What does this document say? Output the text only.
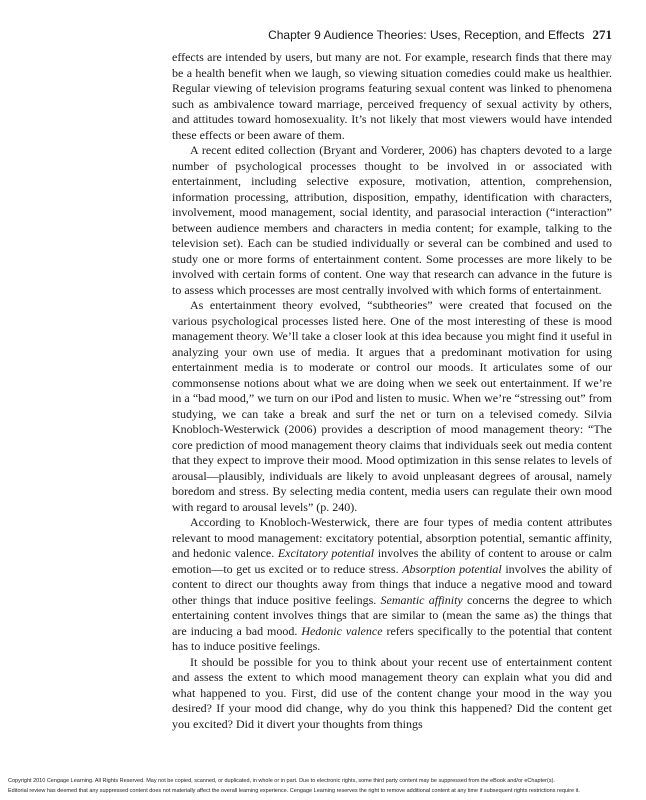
Chapter 9 Audience Theories: Uses, Reception, and Effects 271

effects are intended by users, but many are not. For example, research finds that there may be a health benefit when we laugh, so viewing situation comedies could make us healthier. Regular viewing of television programs featuring sexual content was linked to phenomena such as ambivalence toward marriage, perceived frequency of sexual activity by others, and attitudes toward homosexuality. It’s not likely that most viewers would have intended these effects or been aware of them.

A recent edited collection (Bryant and Vorderer, 2006) has chapters devoted to a large number of psychological processes thought to be involved in or associated with entertainment, including selective exposure, motivation, attention, comprehension, information processing, attribution, disposition, empathy, identification with characters, involvement, mood management, social identity, and parasocial interaction (“interaction” between audience members and characters in media content; for example, talking to the television set). Each can be studied individually or several can be combined and used to study one or more forms of entertainment content. Some processes are more likely to be involved with certain forms of content. One way that research can advance in the future is to assess which processes are most centrally involved with which forms of entertainment.

As entertainment theory evolved, “subtheories” were created that focused on the various psychological processes listed here. One of the most interesting of these is mood management theory. We’ll take a closer look at this idea because you might find it useful in analyzing your own use of media. It argues that a predominant motivation for using entertainment media is to moderate or control our moods. It articulates some of our commonsense notions about what we are doing when we seek out entertainment. If we’re in a “bad mood,” we turn on our iPod and listen to music. When we’re “stressing out” from studying, we can take a break and surf the net or turn on a televised comedy. Silvia Knobloch-Westerwick (2006) provides a description of mood management theory: “The core prediction of mood management theory claims that individuals seek out media content that they expect to improve their mood. Mood optimization in this sense relates to levels of arousal—plausibly, individuals are likely to avoid unpleasant degrees of arousal, namely boredom and stress. By selecting media content, media users can regulate their own mood with regard to arousal levels” (p. 240).

According to Knobloch-Westerwick, there are four types of media content attributes relevant to mood management: excitatory potential, absorption potential, semantic affinity, and hedonic valence. Excitatory potential involves the ability of content to arouse or calm emotion—to get us excited or to reduce stress. Absorption potential involves the ability of content to direct our thoughts away from things that induce a negative mood and toward other things that induce positive feelings. Semantic affinity concerns the degree to which entertaining content involves things that are similar to (mean the same as) the things that are inducing a bad mood. Hedonic valence refers specifically to the potential that content has to induce positive feelings.

It should be possible for you to think about your recent use of entertainment content and assess the extent to which mood management theory can explain what you did and what happened to you. First, did use of the content change your mood in the way you desired? If your mood did change, why do you think this happened? Did the content get you excited? Did it divert your thoughts from things

Copyright 2010 Cengage Learning. All Rights Reserved. May not be copied, scanned, or duplicated, in whole or in part. Due to electronic rights, some third party content may be suppressed from the eBook and/or eChapter(s).
Editorial review has deemed that any suppressed content does not materially affect the overall learning experience. Cengage Learning reserves the right to remove additional content at any time if subsequent rights restrictions require it.
